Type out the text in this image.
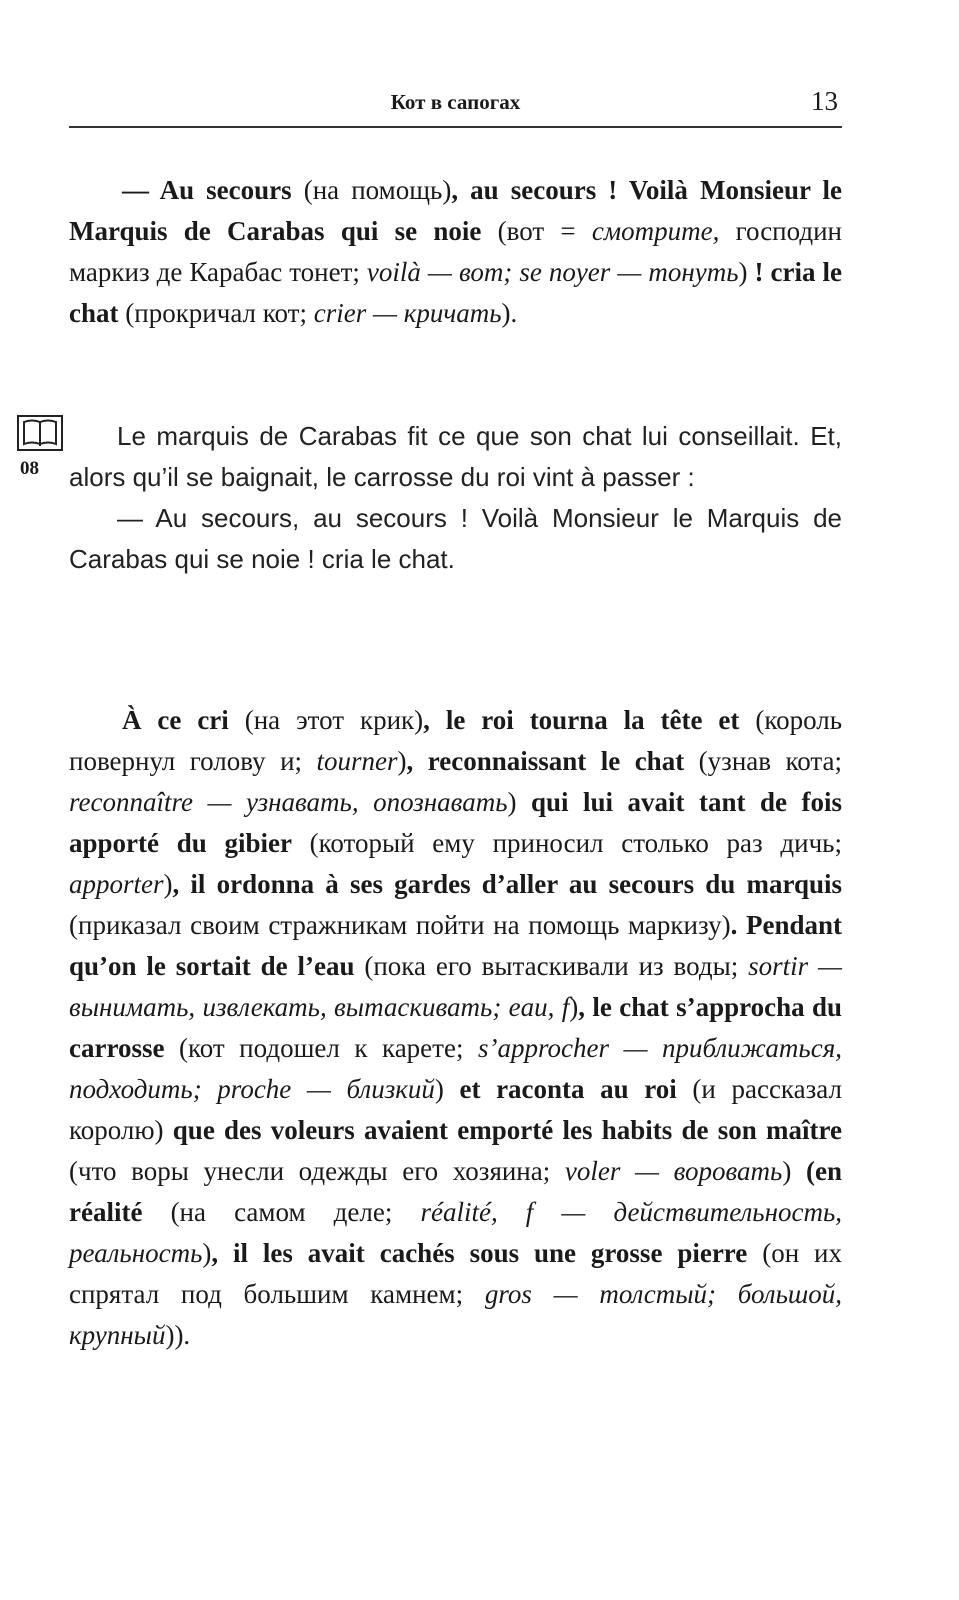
Кот в сапогах	13
— Au secours (на помощь), au secours ! Voilà Monsieur le Marquis de Carabas qui se noie (вот = смотрите, господин маркиз де Карабас тонет; voilà — вот; se noyer — тонуть) ! cria le chat (прокричал кот; crier — кричать).
08

Le marquis de Carabas fit ce que son chat lui conseillait. Et, alors qu’il se baignait, le carrosse du roi vint à passer :

— Au secours, au secours ! Voilà Monsieur le Marquis de Carabas qui se noie ! cria le chat.

À ce cri (на этот крик), le roi tourna la tête et (король повернул голову и; tourner), reconnaissant le chat (узнав кота; reconnaître — узнавать, опознавать) qui lui avait tant de fois apporté du gibier (который ему приносил столько раз дичь; apporter), il ordonna à ses gardes d’aller au secours du marquis (приказал своим стражникам пойти на помощь маркизу). Pendant qu’on le sortait de l’eau (пока его вытаскивали из воды; sortir — вынимать, извлекать, вытаскивать; eau, f), le chat s’approcha du carrosse (кот подошел к карете; s’approcher — приближаться, подходить; proche — близкий) et raconta au roi (и рассказал королю) que des voleurs avaient emporté les habits de son maître (что воры унесли одежды его хозяина; voler — воровать) (en réalité (на самом деле; réalité, f — действительность, реальность), il les avait cachés sous une grosse pierre (он их спрятал под большим камнем; gros — толстый; большой, крупный)).
